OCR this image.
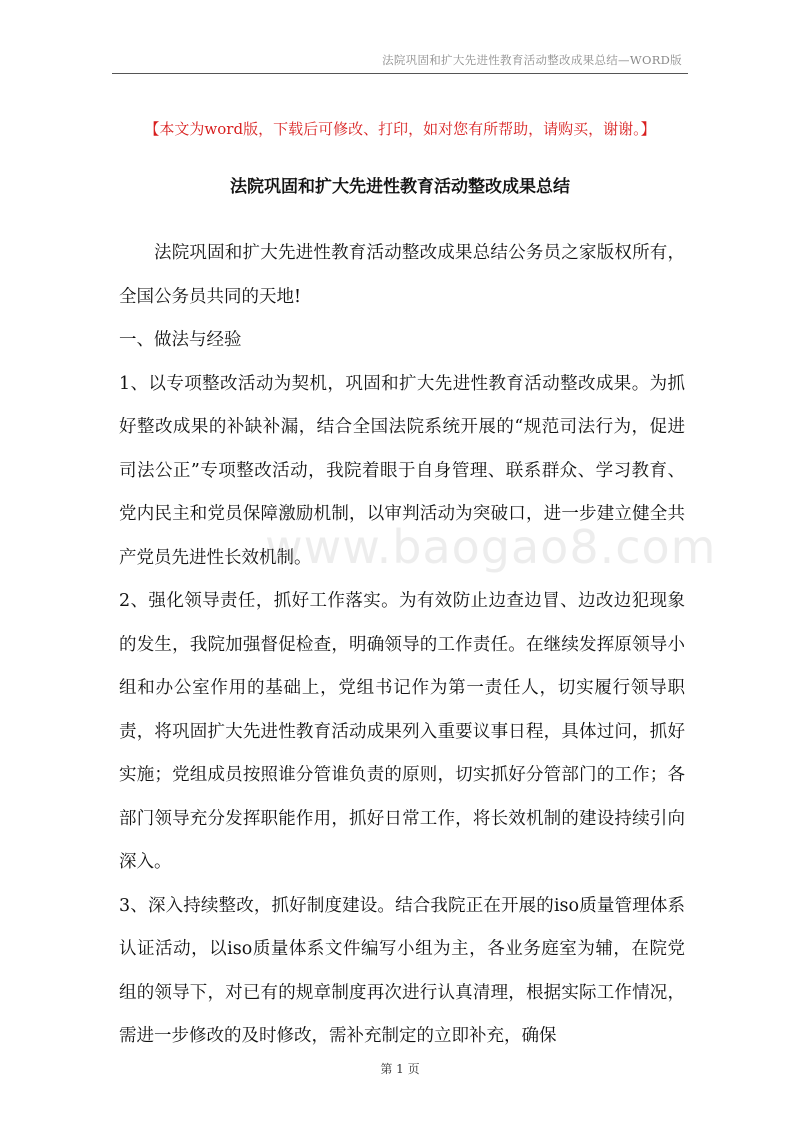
法院巩固和扩大先进性教育活动整改成果总结—WORD版
【本文为word版，下载后可修改、打印，如对您有所帮助，请购买，谢谢。】
法院巩固和扩大先进性教育活动整改成果总结

法院巩固和扩大先进性教育活动整改成果总结公务员之家版权所有，全国公务员共同的天地!

一、做法与经验

1、以专项整改活动为契机，巩固和扩大先进性教育活动整改成果。为抓好整改成果的补缺补漏，结合全国法院系统开展的“规范司法行为，促进司法公正”专项整改活动，我院着眼于自身管理、联系群众、学习教育、党内民主和党员保障激励机制，以审判活动为突破口，进一步建立健全共产党员先进性长效机制。

2、强化领导责任，抓好工作落实。为有效防止边查边冒、边改边犯现象的发生，我院加强督促检查，明确领导的工作责任。在继续发挥原领导小组和办公室作用的基础上，党组书记作为第一责任人，切实履行领导职责，将巩固扩大先进性教育活动成果列入重要议事日程，具体过问，抓好实施；党组成员按照谁分管谁负责的原则，切实抓好分管部门的工作；各部门领导充分发挥职能作用，抓好日常工作，将长效机制的建设持续引向深入。

3、深入持续整改，抓好制度建设。结合我院正在开展的iso质量管理体系认证活动，以iso质量体系文件编写小组为主，各业务庭室为辅，在院党组的领导下，对已有的规章制度再次进行认真清理，根据实际工作情况，需进一步修改的及时修改，需补充制定的立即补充，确保

www.baogao8.com
第 1 页
